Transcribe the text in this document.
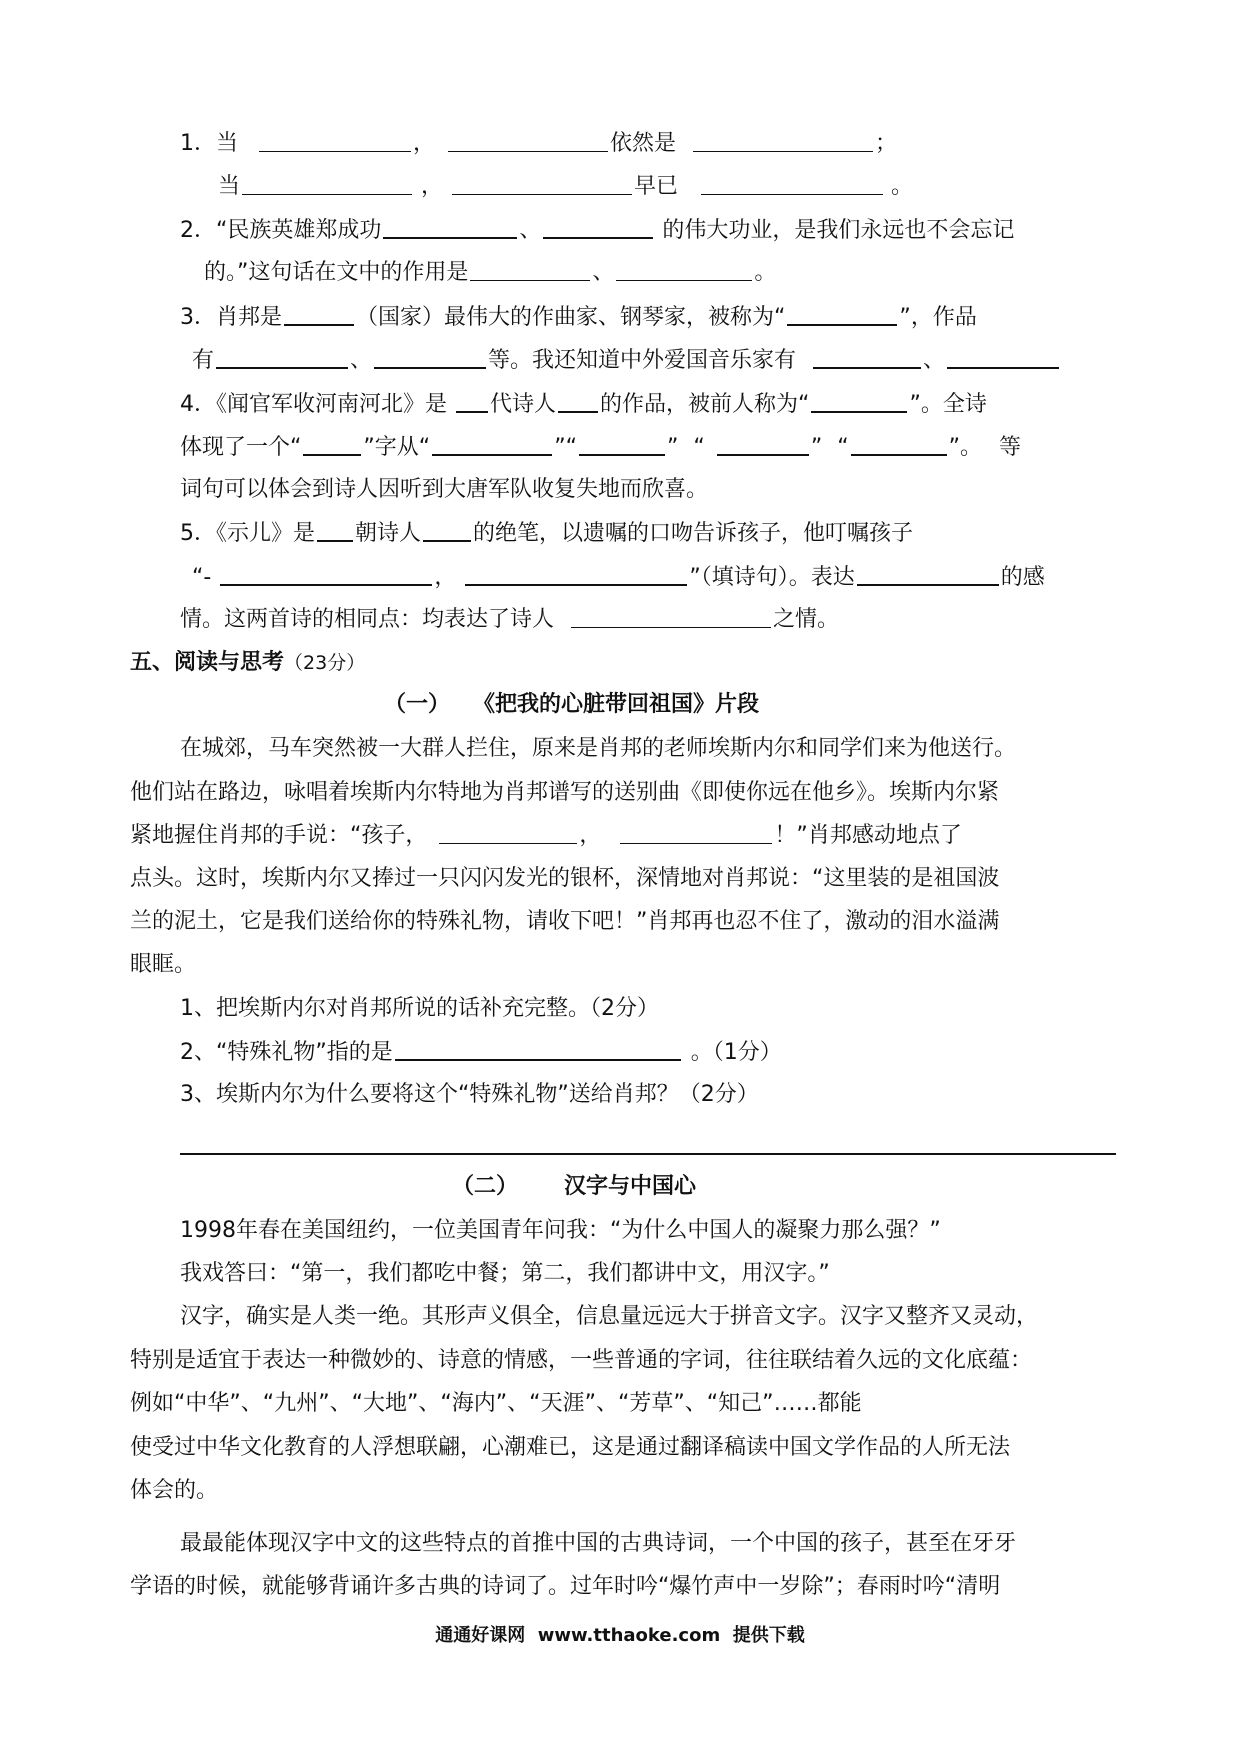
1．当	，	依然是	；
当	，	早已	。
2．“民族英雄郑成功	、	的伟大功业，是我们永远也不会忘记
的。”这句话在文中的作用是	、	。
3．肖邦是	（国家）最伟大的作曲家、钢琴家，被称为“	”，作品
有	、	等。我还知道中外爱国音乐家有	、
4．《闻官军收河南河北》是 代诗人 的作品，被前人称为“	”。全诗
体现了一个“	”字从“	”“	” “	” “	”。 等
词句可以体会到诗人因听到大唐军队收复失地而欣喜。
5．《示儿》是 朝诗人 的绝笔，以遗嘱的口吻告诉孩子，他叮嘱孩子
“-	，	”（填诗句）。表达	的感
情。这两首诗的相同点：均表达了诗人	之情。
五、阅读与思考（23分）
（一）   《把我的心脏带回祖国》片段
在城郊，马车突然被一大群人拦住，原来是肖邦的老师埃斯内尔和同学们来为他送行。
他们站在路边，咏唱着埃斯内尔特地为肖邦谱写的送别曲《即使你远在他乡》。埃斯内尔紧
紧地握住肖邦的手说：“孩子，	，	！”肖邦感动地点了
点头。这时，埃斯内尔又捧过一只闪闪发光的银杯，深情地对肖邦说：“这里装的是祖国波
兰的泥土，它是我们送给你的特殊礼物，请收下吧！”肖邦再也忍不住了，激动的泪水溢满
眼眶。
1、把埃斯内尔对肖邦所说的话补充完整。（2分）
2、“特殊礼物”指的是	。（1分）
3、埃斯内尔为什么要将这个“特殊礼物”送给肖邦？（2分）
（二）      汉字与中国心
1998年春在美国纽约，一位美国青年问我：“为什么中国人的凝聚力那么强？”
我戏答曰：“第一，我们都吃中餐；第二，我们都讲中文，用汉字。”
汉字，确实是人类一绝。其形声义俱全，信息量远远大于拼音文字。汉字又整齐又灵动，
特别是适宜于表达一种微妙的、诗意的情感，一些普通的字词，往往联结着久远的文化底蕴：
例如“中华”、“九州”、“大地”、“海内”、“天涯”、“芳草”、“知己”……都能
使受过中华文化教育的人浮想联翩，心潮难已，这是通过翻译稿读中国文学作品的人所无法
体会的。
最最能体现汉字中文的这些特点的首推中国的古典诗词，一个中国的孩子，甚至在牙牙
学语的时候，就能够背诵许多古典的诗词了。过年时吟“爆竹声中一岁除”；春雨时吟“清明
通通好课网  www.tthaoke.com  提供下载
